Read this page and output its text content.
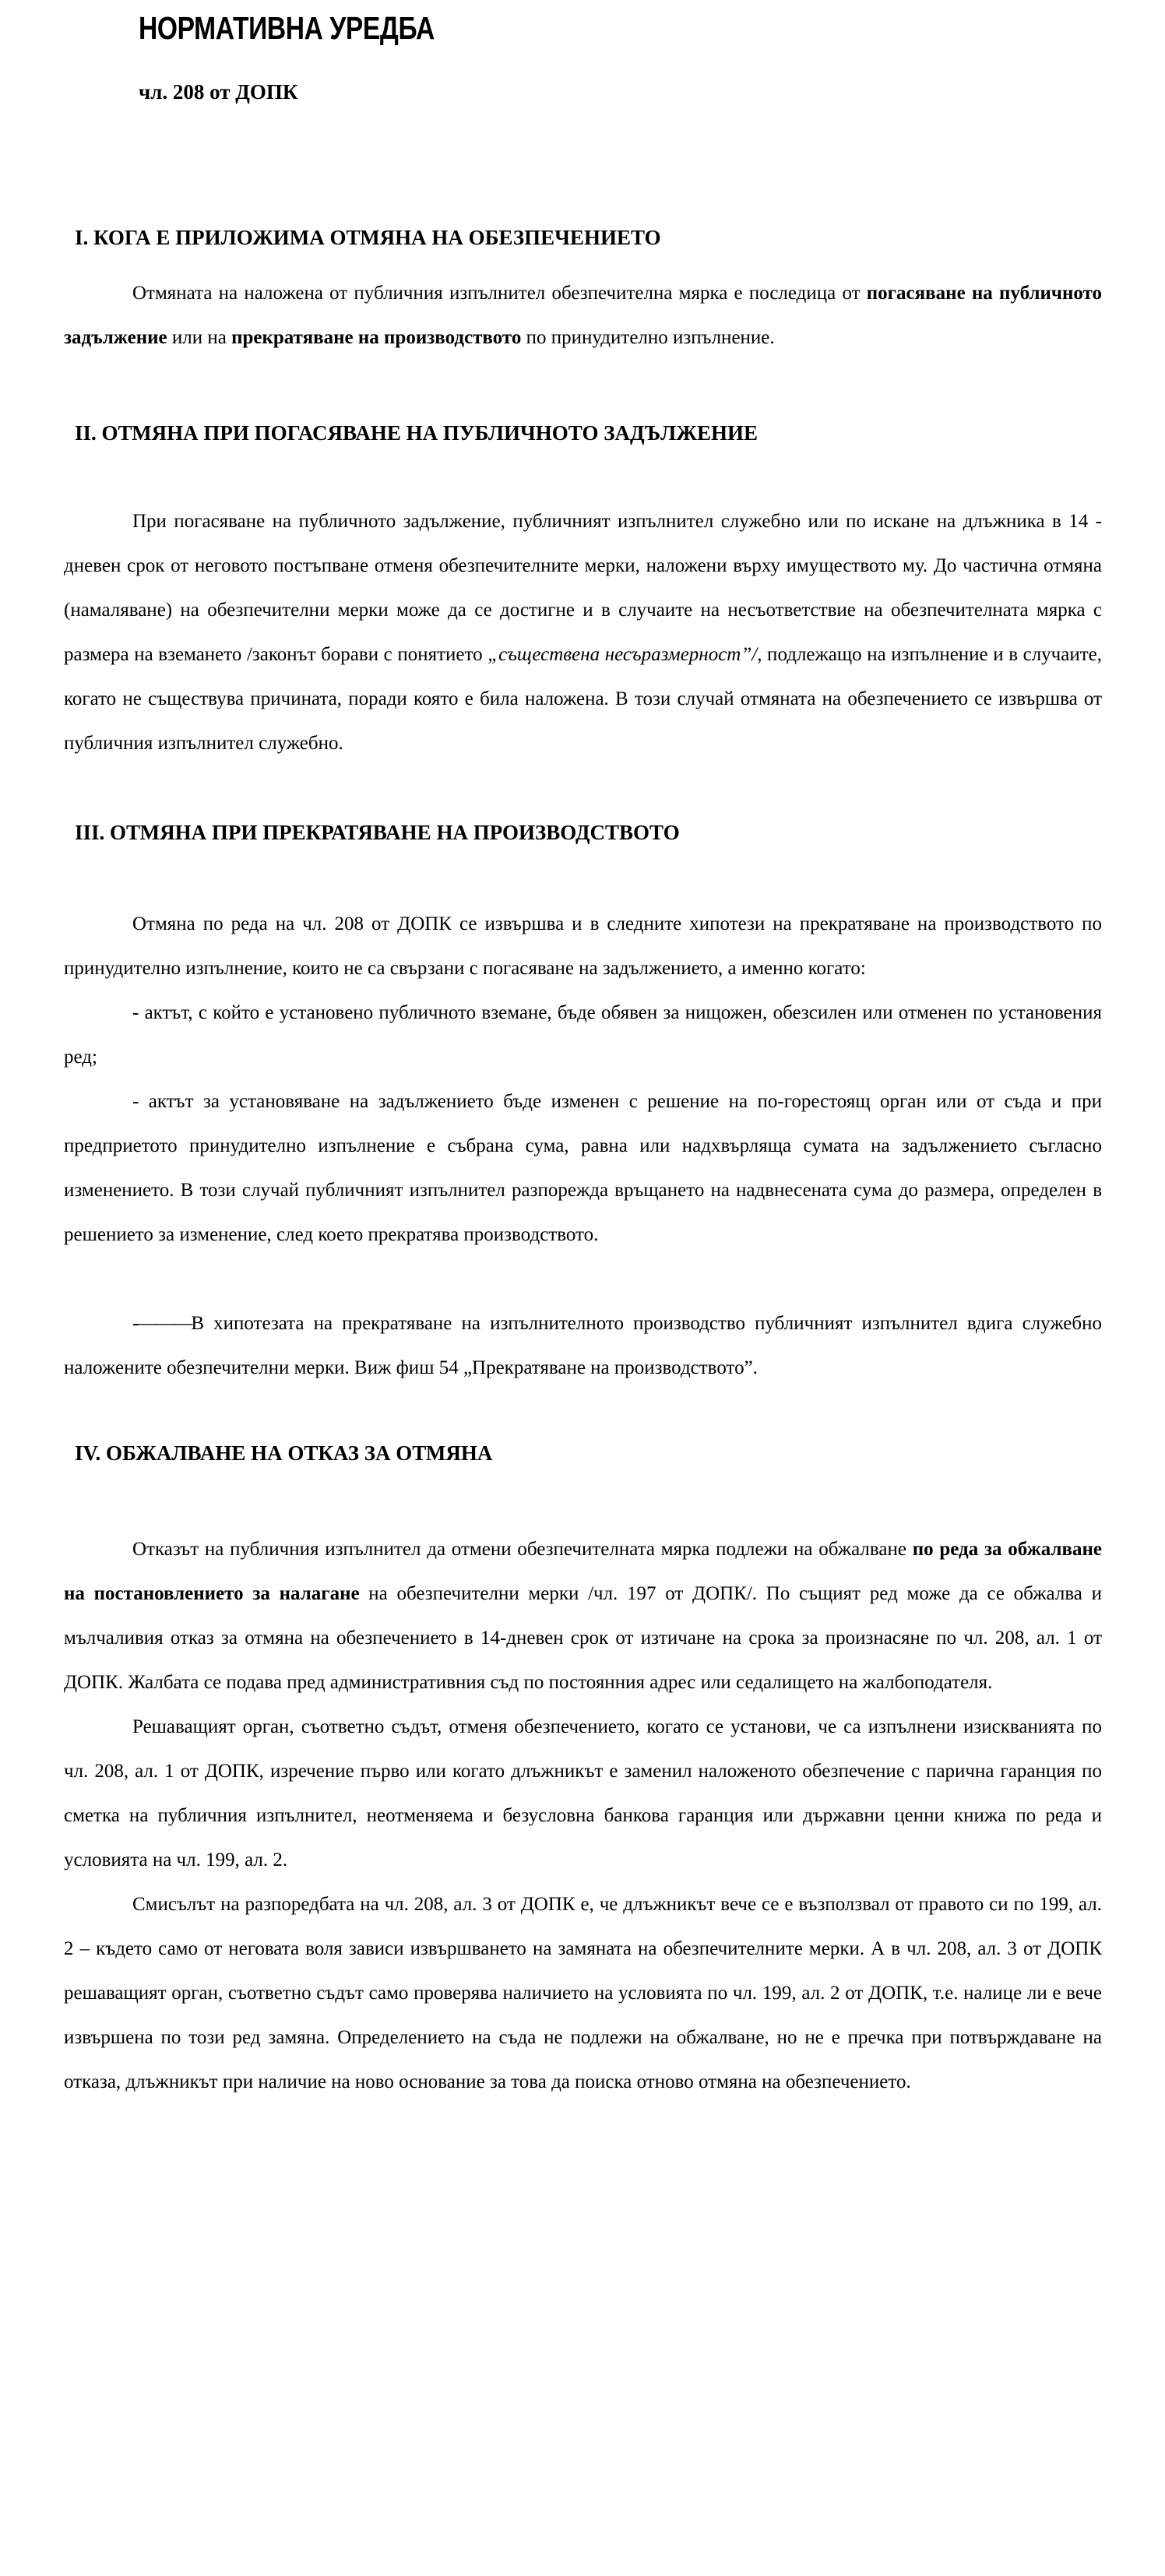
НОРМАТИВНА УРЕДБА
чл. 208 от ДОПК
I. КОГА Е ПРИЛОЖИМА ОТМЯНА НА ОБЕЗПЕЧЕНИЕТО

Отмяната на наложена от публичния изпълнител обезпечителна мярка е последица от погасяване на публичното задължение или на прекратяване на производството по принудително изпълнение.

II. ОТМЯНА ПРИ ПОГАСЯВАНЕ НА ПУБЛИЧНОТО ЗАДЪЛЖЕНИЕ

При погасяване на публичното задължение, публичният изпълнител служебно или по искане на длъжника в 14 - дневен срок от неговото постъпване отменя обезпечителните мерки, наложени върху имуществото му. До частична отмяна (намаляване) на обезпечителни мерки може да се достигне и в случаите на несъответствие на обезпечителната мярка с размера на вземането /законът борави с понятието „съществена несъразмерност”/, подлежащо на изпълнение и в случаите, когато не съществува причината, поради която е била наложена. В този случай отмяната на обезпечението се извършва от публичния изпълнител служебно.

III. ОТМЯНА ПРИ ПРЕКРАТЯВАНЕ НА ПРОИЗВОДСТВОТО

Отмяна по реда на чл. 208 от ДОПК се извършва и в следните хипотези на прекратяване на производството по принудително изпълнение, които не са свързани с погасяване на задължението, а именно когато:

- актът, с който е установено публичното вземане, бъде обявен за нищожен, обезсилен или отменен по установения ред;

- актът за установяване на задължението бъде изменен с решение на по-горестоящ орган или от съда и при предприетото принудително изпълнение е събрана сума, равна или надхвърляща сумата на задължението съгласно изменението. В този случай публичният изпълнител разпорежда връщането на надвнесената сума до размера, определен в решението за изменение, след което прекратява производството.

-———В хипотезата на прекратяване на изпълнителното производство публичният изпълнител вдига служебно наложените обезпечителни мерки. Виж фиш 54 „Прекратяване на производството”.

IV. ОБЖАЛВАНЕ НА ОТКАЗ ЗА ОТМЯНА

Отказът на публичния изпълнител да отмени обезпечителната мярка подлежи на обжалване по реда за обжалване на постановлението за налагане на обезпечителни мерки /чл. 197 от ДОПК/. По същият ред може да се обжалва и мълчаливия отказ за отмяна на обезпечението в 14-дневен срок от изтичане на срока за произнасяне по чл. 208, ал. 1 от ДОПК. Жалбата се подава пред административния съд по постоянния адрес или седалището на жалбоподателя.

Решаващият орган, съответно съдът, отменя обезпечението, когато се установи, че са изпълнени изискванията по чл. 208, ал. 1 от ДОПК, изречение първо или когато длъжникът е заменил наложеното обезпечение с парична гаранция по сметка на публичния изпълнител, неотменяема и безусловна банкова гаранция или държавни ценни книжа по реда и условията на чл. 199, ал. 2.

Смисълът на разпоредбата на чл. 208, ал. 3 от ДОПК е, че длъжникът вече се е възползвал от правото си по 199, ал. 2 – където само от неговата воля зависи извършването на замяната на обезпечителните мерки. А в чл. 208, ал. 3 от ДОПК решаващият орган, съответно съдът само проверява наличието на условията по чл. 199, ал. 2 от ДОПК, т.е. налице ли е вече извършена по този ред замяна. Определението на съда не подлежи на обжалване, но не е пречка при потвърждаване на отказа, длъжникът при наличие на ново основание за това да поиска отново отмяна на обезпечението.
